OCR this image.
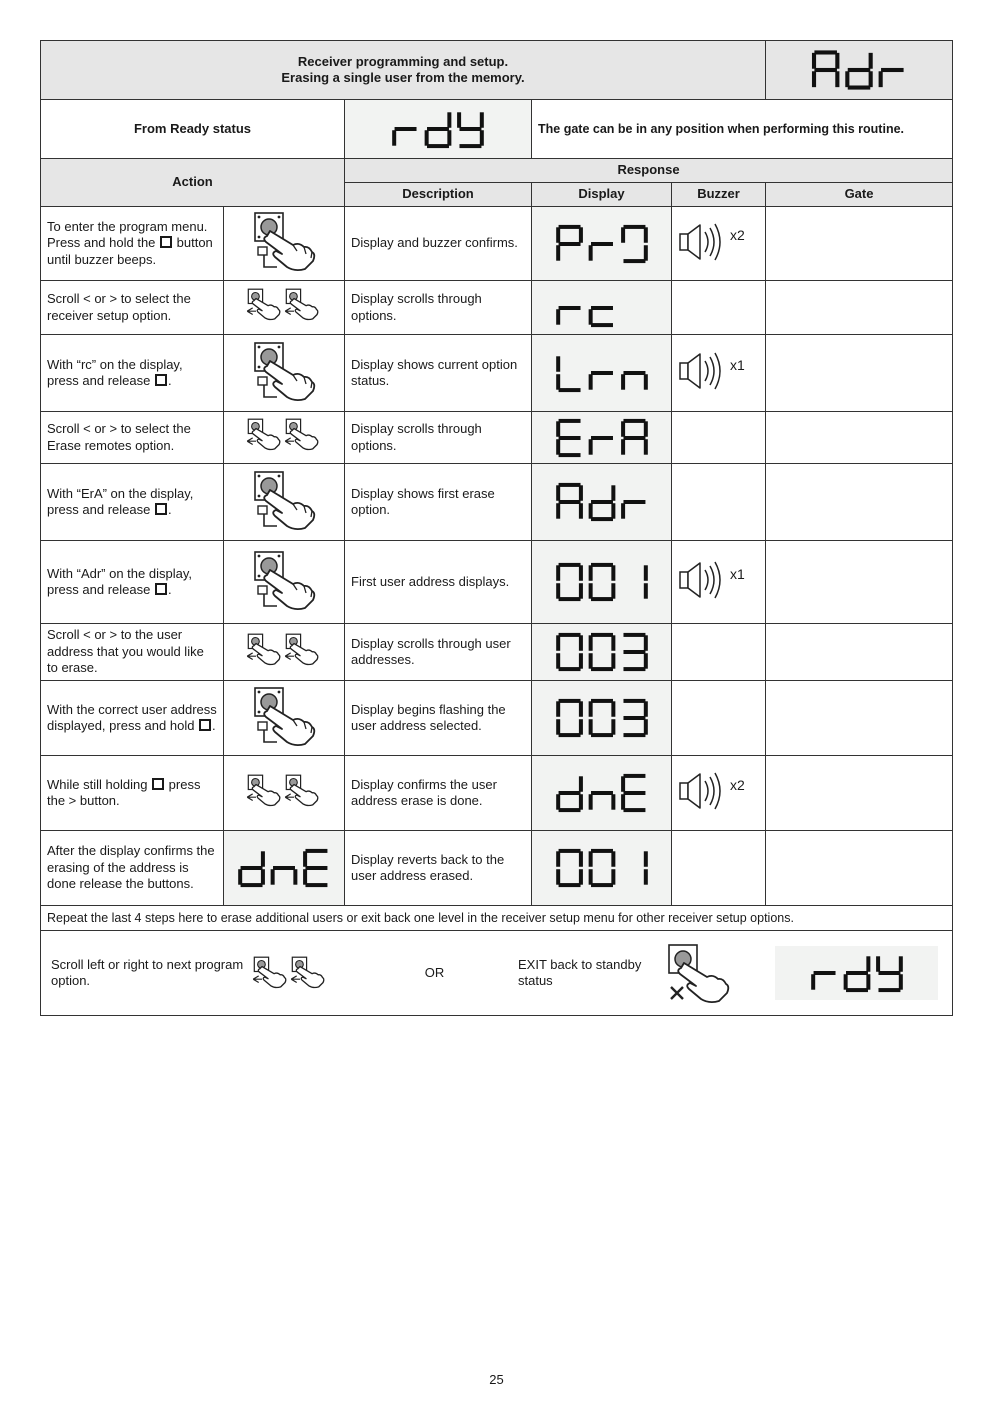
Receiver programming and setup.
Erasing a single user from the memory.

From Ready status			The gate can be in any position when performing this routine.		
Action		Response			
		Description	Display	Buzzer	Gate
To enter the program menu. Press and hold the  button until buzzer beeps.		Display and buzzer confirms.		x2	

Scroll < or > to select the receiver setup option.		Display scrolls through options.	

With “rc” on the display, press and release .		Display shows current option status.		x1	

Scroll < or > to select the Erase remotes option.		Display scrolls through options.	

With “ErA” on the display, press and release .		Display shows first erase option.	

With “Adr” on the display, press and release .		First user address displays.		x1	

Scroll < or > to the user address that you would like to erase.		Display scrolls through user addresses.	

With the correct user address displayed, press and hold .		Display begins flashing the user address selected.	

While still holding  press the > button.		Display confirms the user address erase is done.		x2	

After the display confirms the erasing of the address is done release the buttons.		Display reverts back to the user address erased.	

Repeat the last 4 steps here to erase additional users or exit back one level in the receiver setup menu for other receiver setup options.					

Scroll left or right to next program option.
OR
EXIT back to standby status					
25
